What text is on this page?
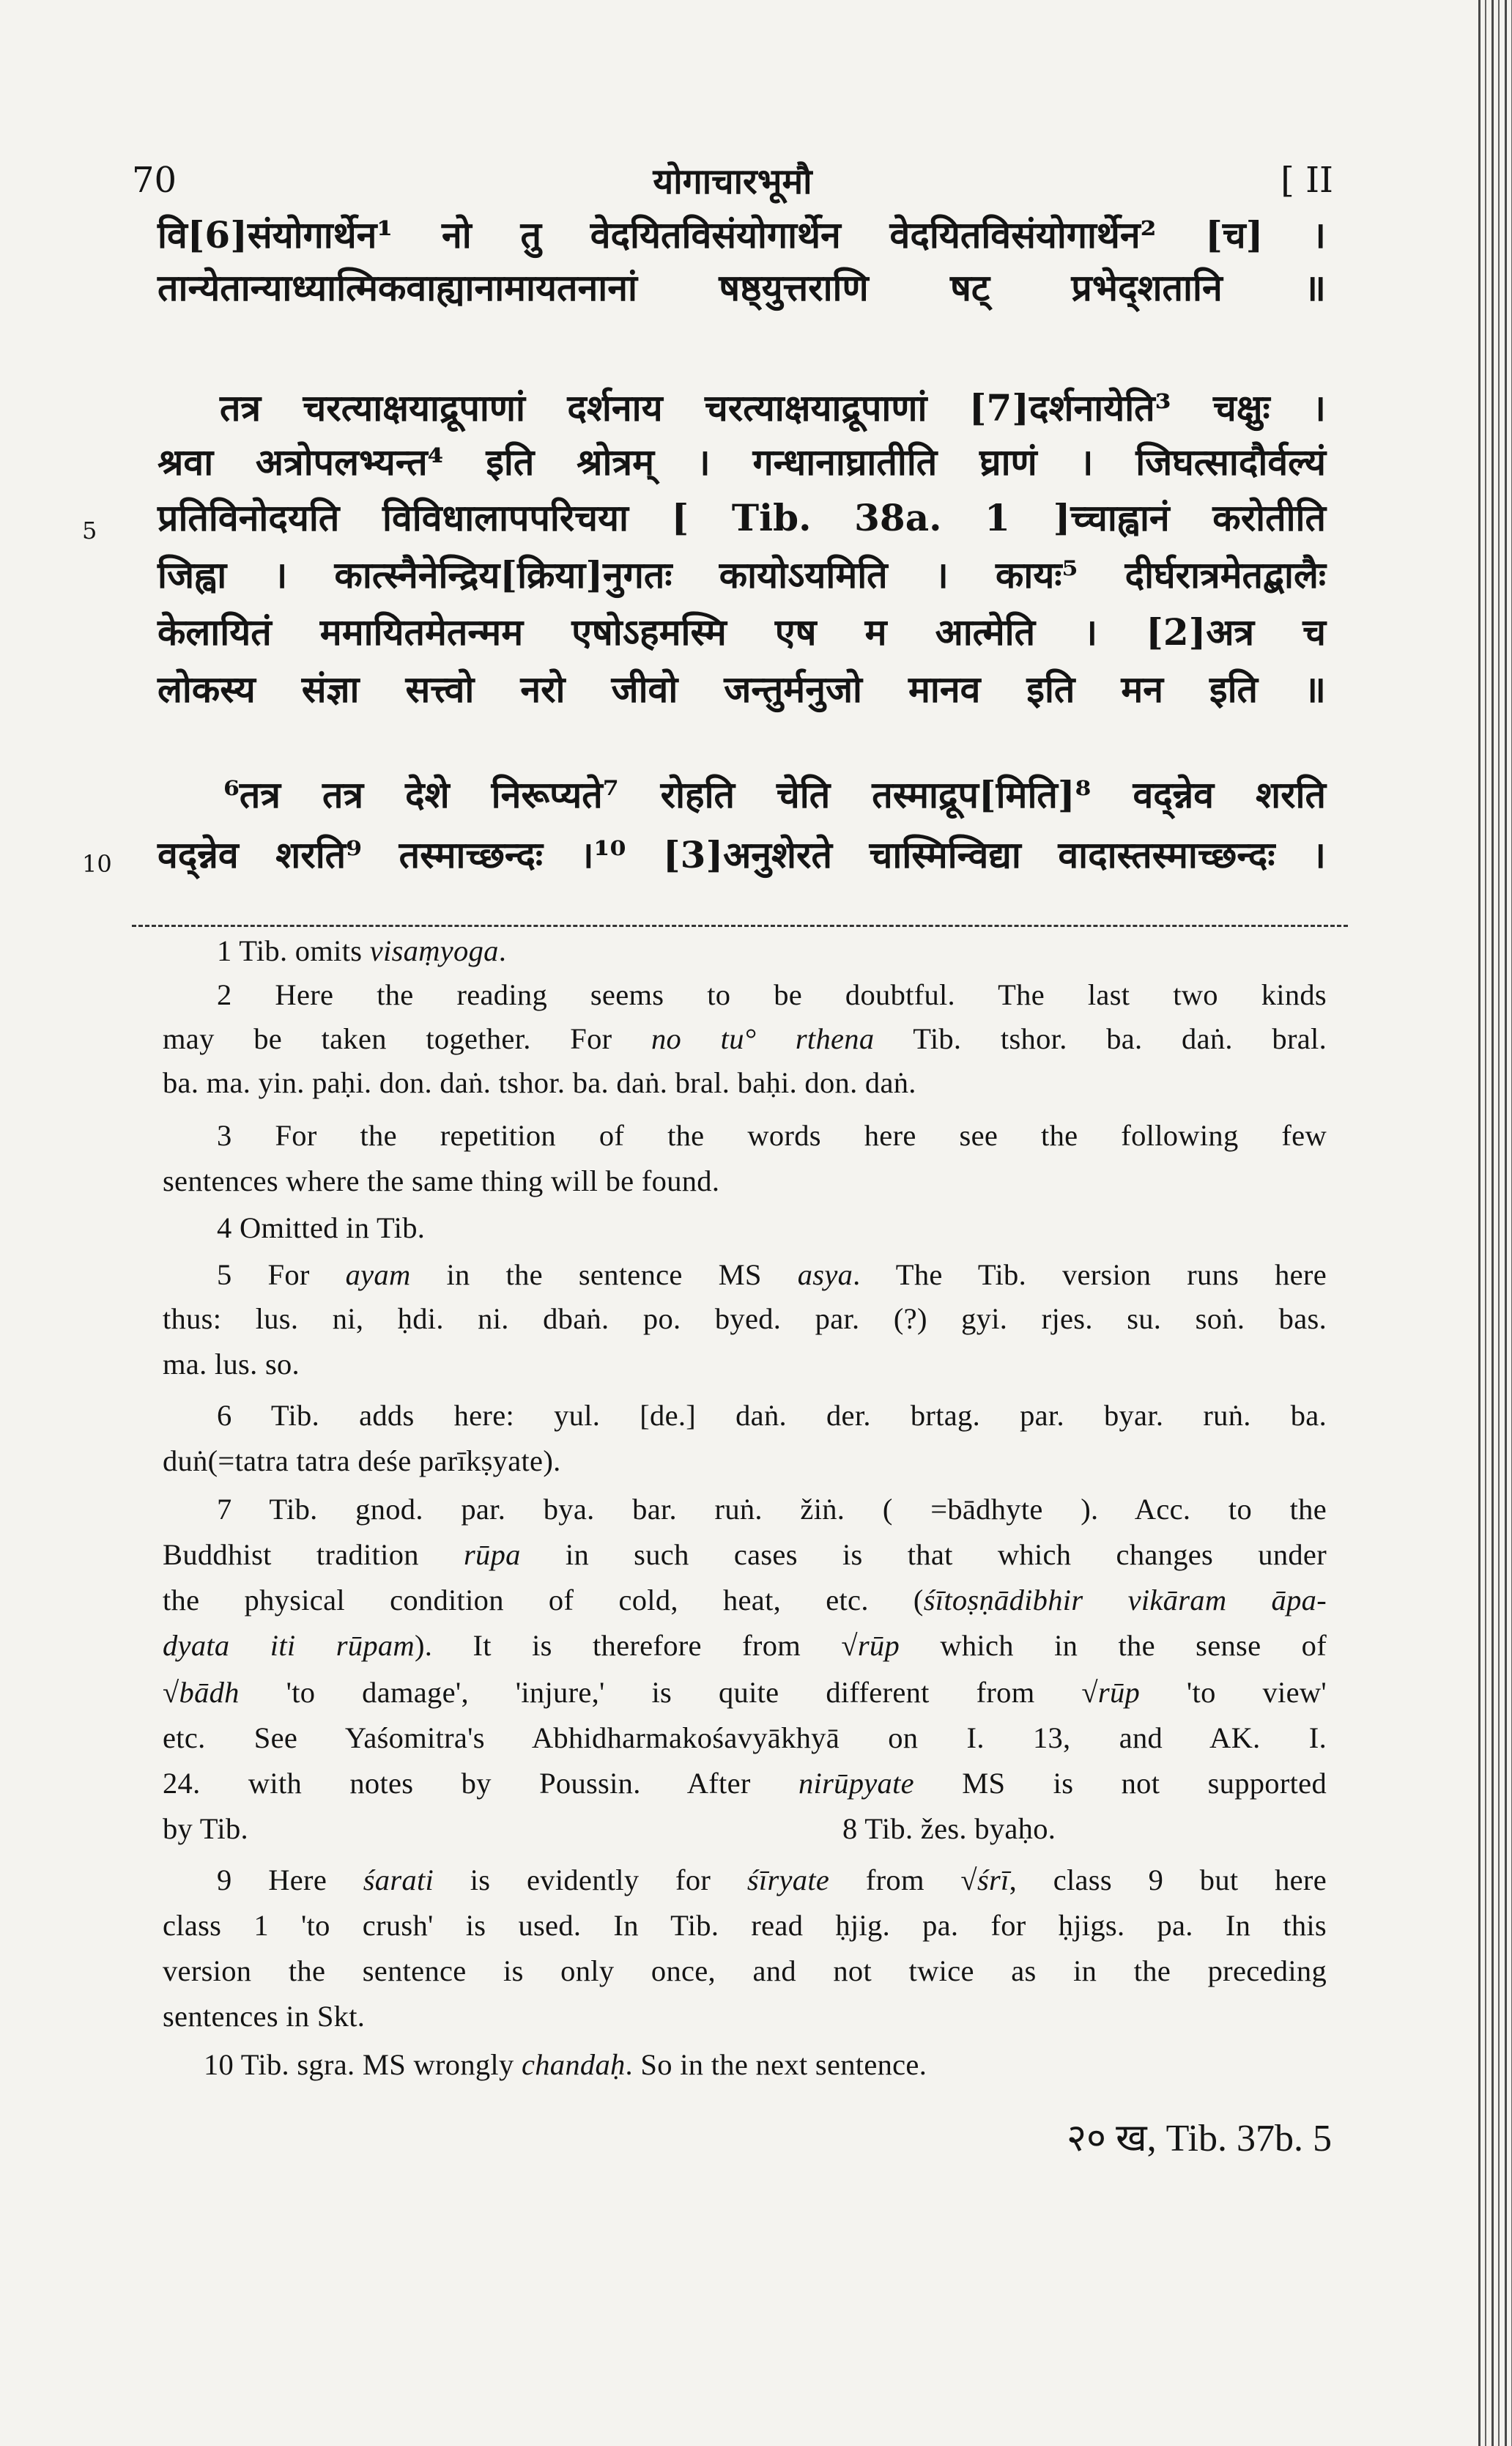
70	योगाचारभूमौ	[ II
वि[6]संयोगार्थेन¹ नो तु वेदयितविसंयोगार्थेन वेदयितविसंयोगार्थेन² [च] ।
तान्येतान्याध्यात्मिकवाह्यानामायतनानां षष्ठ्युत्तराणि षट् प्रभेद्शतानि ॥
तत्र चरत्याक्षयाद्रूपाणां दर्शनाय चरत्याक्षयाद्रूपाणां [7]दर्शनायेति³ चक्षुः ।
श्रवा अत्रोपलभ्यन्त⁴ इति श्रोत्रम् । गन्धानाघ्रातीति घ्राणं । जिघत्सादौर्वल्यं
प्रतिविनोदयति विविधालापपरिचया [ Tib. 38a. 1 ]च्चाह्वानं करोतीति
जिह्वा । कात्स्नैनेन्द्रिय[क्रिया]नुगतः कायोऽयमिति । कायः⁵ दीर्घरात्रमेतद्बालैः
केलायितं ममायितमेतन्मम एषोऽहमस्मि एष म आत्मेति । [2]अत्र च
लोकस्य संज्ञा सत्त्वो नरो जीवो जन्तुर्मनुजो मानव इति मन इति ॥
⁶तत्र तत्र देशे निरूप्यते⁷ रोहति चेति तस्माद्रूप[मिति]⁸ वद्न्नेव शरति
वद्न्नेव शरति⁹ तस्माच्छन्दः ।¹⁰ [3]अनुशेरते चास्मिन्विद्या वादास्तस्माच्छन्दः ।
5
10
1 Tib. omits visaṃyoga.
2 Here the reading seems to be doubtful. The last two kinds
may be taken together. For no tu° rthena Tib. tshor. ba. daṅ. bral.
ba. ma. yin. paḥi. don. daṅ. tshor. ba. daṅ. bral. baḥi. don. daṅ.
3 For the repetition of the words here see the following few
sentences where the same thing will be found.
4 Omitted in Tib.
5 For ayam in the sentence MS asya. The Tib. version runs here
thus: lus. ni, ḥdi. ni. dbaṅ. po. byed. par. (?) gyi. rjes. su. soṅ. bas.
ma. lus. so.
6 Tib. adds here: yul. [de.] daṅ. der. brtag. par. byar. ruṅ. ba.
duṅ(=tatra tatra deśe parīkṣyate).
7 Tib. gnod. par. bya. bar. ruṅ. žiṅ. ( =bādhyte ). Acc. to the
Buddhist tradition rūpa in such cases is that which changes under
the physical condition of cold, heat, etc. (śītoṣṇādibhir vikāram āpa-
dyata iti rūpam). It is therefore from √rūp which in the sense of
√bādh 'to damage', 'injure,' is quite different from √rūp 'to view'
etc. See Yaśomitra's Abhidharmakośavyākhyā on I. 13, and AK. I.
24. with notes by Poussin. After nirūpyate MS is not supported
by Tib.	8 Tib. žes. byaḥo.
9 Here śarati is evidently for śīryate from √śrī, class 9 but here
class 1 'to crush' is used. In Tib. read ḥjig. pa. for ḥjigs. pa. In this
version the sentence is only once, and not twice as in the preceding
sentences in Skt.
10 Tib. sgra. MS wrongly chandaḥ. So in the next sentence.
२० ख, Tib. 37b. 5
